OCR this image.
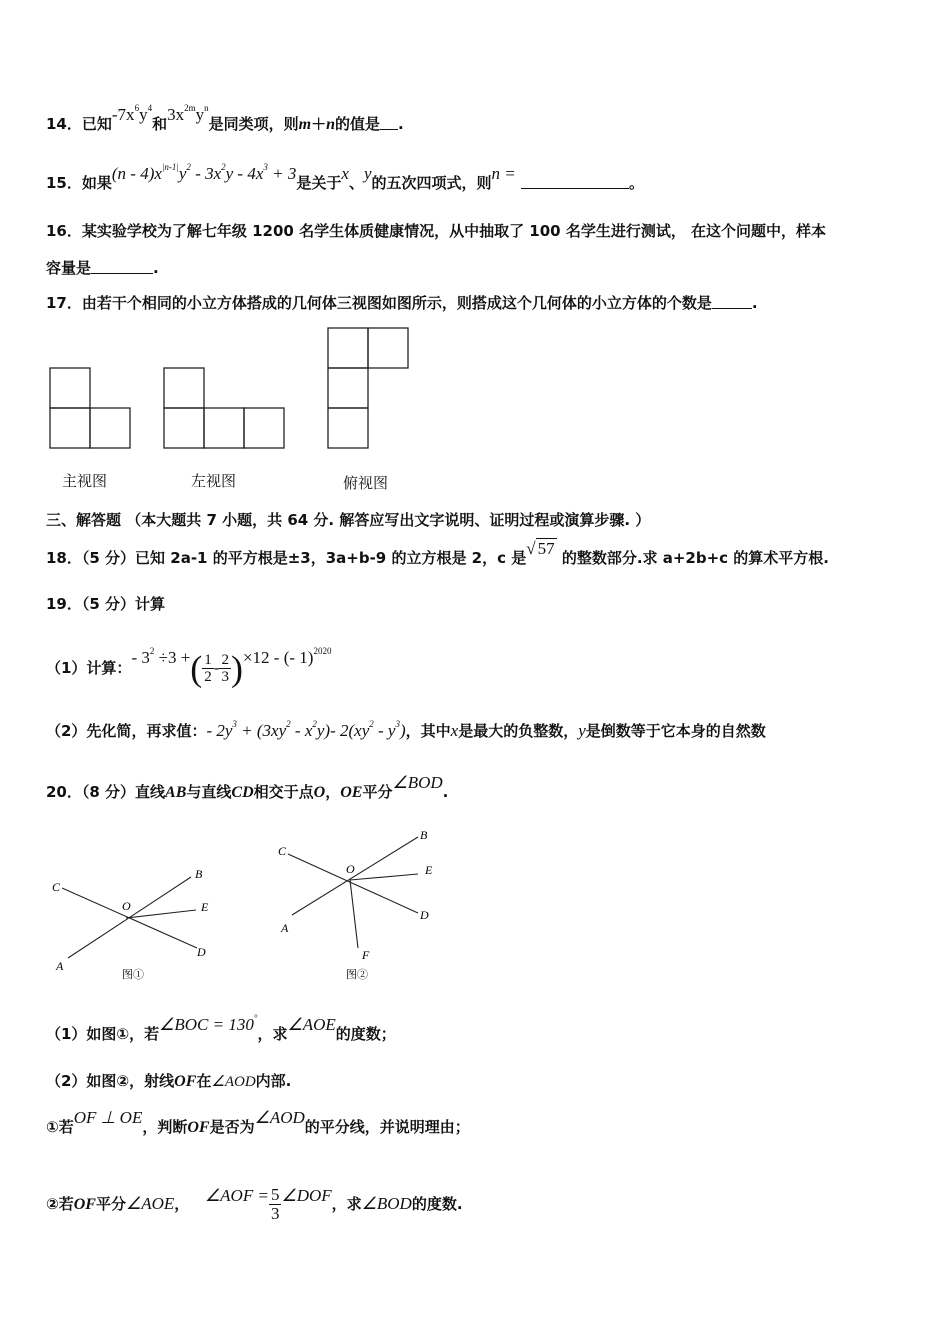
14．已知$-7x^6y^4$和$3x^{2m}y^n$是同类项，则m＋n的值是 .
15．如果$(n - 4)x^{|n-1|}y^2 - 3x^2y - 4x^3 + 3$是关于x、y的五次四项式，则n =	。
16．某实验学校为了解七年级 1200 名学生体质健康情况，从中抽取了 100 名学生进行测试， 在这个问题中，样本
容量是	.
17．由若干个相同的小立方体搭成的几何体三视图如图所示，则搭成这个几何体的小立方体的个数是	.
主视图	左视图	俯视图
三、解答题 （本大题共 7 小题，共 64 分. 解答应写出文字说明、证明过程或演算步骤. ）
18．（5 分）已知 2a-1 的平方根是±3，3a+b-9 的立方根是 2，c 是√ 57 的整数部分.求 a+2b+c 的算术平方根.
19．（5 分）计算
（1）计算：- $3^2 \div 3$ +( $\frac{1}{2} - \frac{2}{3} )\times 12$ - (- 1)$^{2020}$
（2）先化简，再求值：- $2y^3 + (3xy^2 - x^2y)-$ $2(xy^2 - y^3)$，其中x是最大的负整数，y是倒数等于它本身的自然数
20．（8 分）直线AB与直线CD相交于点O，OE平分∠BOD.
C
O
B
E
A
D
图①
C
O
B
E
A
D
F
图②
（1）如图①，若∠BOC = 130°，求∠AOE的度数；
（2）如图②，射线OF在∠AOD内部.
①若OF ⊥ OE，判断OF是否为∠AOD的平分线，并说明理由；
②若OF平分∠AOE， ∠AOF = $\frac{5}{3}$ ∠DOF，求∠BOD的度数.
